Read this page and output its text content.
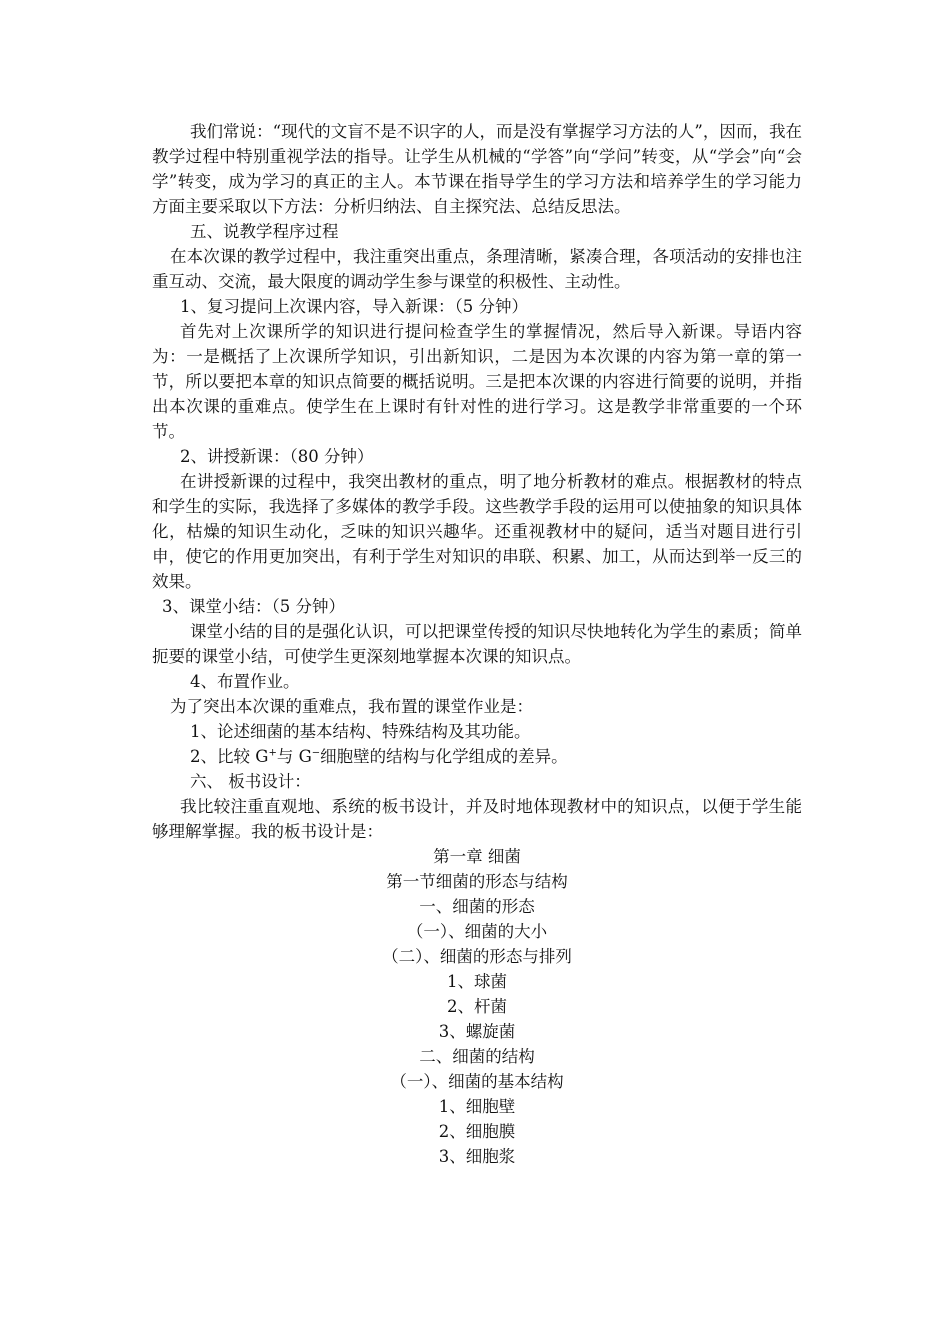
我们常说：“现代的文盲不是不识字的人，而是没有掌握学习方法的人”，因而，我在教学过程中特别重视学法的指导。让学生从机械的“学答”向“学问”转变，从“学会”向“会学”转变，成为学习的真正的主人。本节课在指导学生的学习方法和培养学生的学习能力方面主要采取以下方法：分析归纳法、自主探究法、总结反思法。

五、说教学程序过程

在本次课的教学过程中，我注重突出重点，条理清晰，紧凑合理，各项活动的安排也注重互动、交流，最大限度的调动学生参与课堂的积极性、主动性。

1、复习提问上次课内容，导入新课：（5 分钟）

首先对上次课所学的知识进行提问检查学生的掌握情况，然后导入新课。导语内容为：一是概括了上次课所学知识，引出新知识，二是因为本次课的内容为第一章的第一节，所以要把本章的知识点简要的概括说明。三是把本次课的内容进行简要的说明，并指出本次课的重难点。使学生在上课时有针对性的进行学习。这是教学非常重要的一个环节。

2、讲授新课：（80 分钟）

在讲授新课的过程中，我突出教材的重点，明了地分析教材的难点。根据教材的特点和学生的实际，我选择了多媒体的教学手段。这些教学手段的运用可以使抽象的知识具体化，枯燥的知识生动化，乏味的知识兴趣华。还重视教材中的疑问，适当对题目进行引申，使它的作用更加突出，有利于学生对知识的串联、积累、加工，从而达到举一反三的效果。

3、课堂小结：（5 分钟）

课堂小结的目的是强化认识，可以把课堂传授的知识尽快地转化为学生的素质；简单扼要的课堂小结，可使学生更深刻地掌握本次课的知识点。

4、布置作业。

为了突出本次课的重难点，我布置的课堂作业是：

1、论述细菌的基本结构、特殊结构及其功能。

2、比较 G+与 G−细胞壁的结构与化学组成的差异。

六、 板书设计：

我比较注重直观地、系统的板书设计，并及时地体现教材中的知识点，以便于学生能够理解掌握。我的板书设计是：

第一章 细菌
第一节细菌的形态与结构
一、细菌的形态
（一）、细菌的大小
（二）、细菌的形态与排列
1、球菌
2、杆菌
3、螺旋菌
二、细菌的结构
（一）、细菌的基本结构
1、细胞壁
2、细胞膜
3、细胞浆
